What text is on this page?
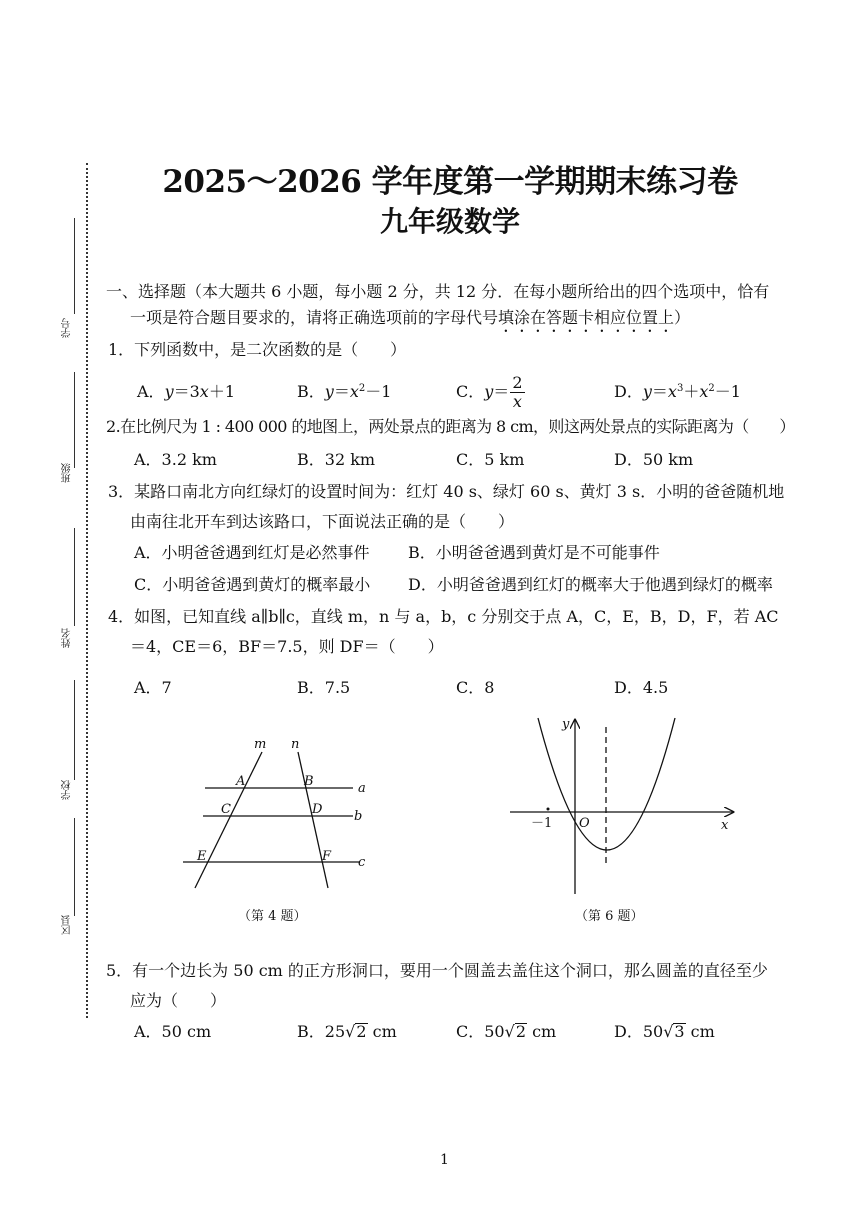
学号
班级
姓名
学校
区县
2025～2026 学年度第一学期期末练习卷
九年级数学
一、选择题（本大题共 6 小题，每小题 2 分，共 12 分．在每小题所给出的四个选项中，恰有
一项是符合题目要求的，请将正确选项前的字母代号填涂在答题卡相应位置上）
1．下列函数中，是二次函数的是（　　）
A．y＝3x＋1	B．$y=x^2-1$	C．$y= \frac{2}{x}$	D．$y=x^3+x^2-1$
2.在比例尺为 1 : 400 000 的地图上，两处景点的距离为 8 cm，则这两处景点的实际距离为（　　）
A．3.2 km	B．32 km	C．5 km	D．50 km
3．某路口南北方向红绿灯的设置时间为：红灯 40 s、绿灯 60 s、黄灯 3 s．小明的爸爸随机地
由南往北开车到达该路口，下面说法正确的是（　　）
A．小明爸爸遇到红灯是必然事件 B．小明爸爸遇到黄灯是不可能事件
C．小明爸爸遇到黄灯的概率最小 D．小明爸爸遇到红灯的概率大于他遇到绿灯的概率
4．如图，已知直线 a∥b∥c，直线 m，n 与 a，b，c 分别交于点 A，C，E，B，D，F，若 AC
＝4，CE＝6，BF＝7.5，则 DF＝（　　）
A．7	B．7.5	C．8	D．4.5
m n
a
b
c
A	B
C	D
E	F
（第 4 题）
y
x
O
－1
（第 6 题）
5．有一个边长为 50 cm 的正方形洞口，要用一个圆盖去盖住这个洞口，那么圆盖的直径至少
应为（　　）
A．50 cm	B．25√2 cm	C．50√2 cm	D．50√3 cm
1
